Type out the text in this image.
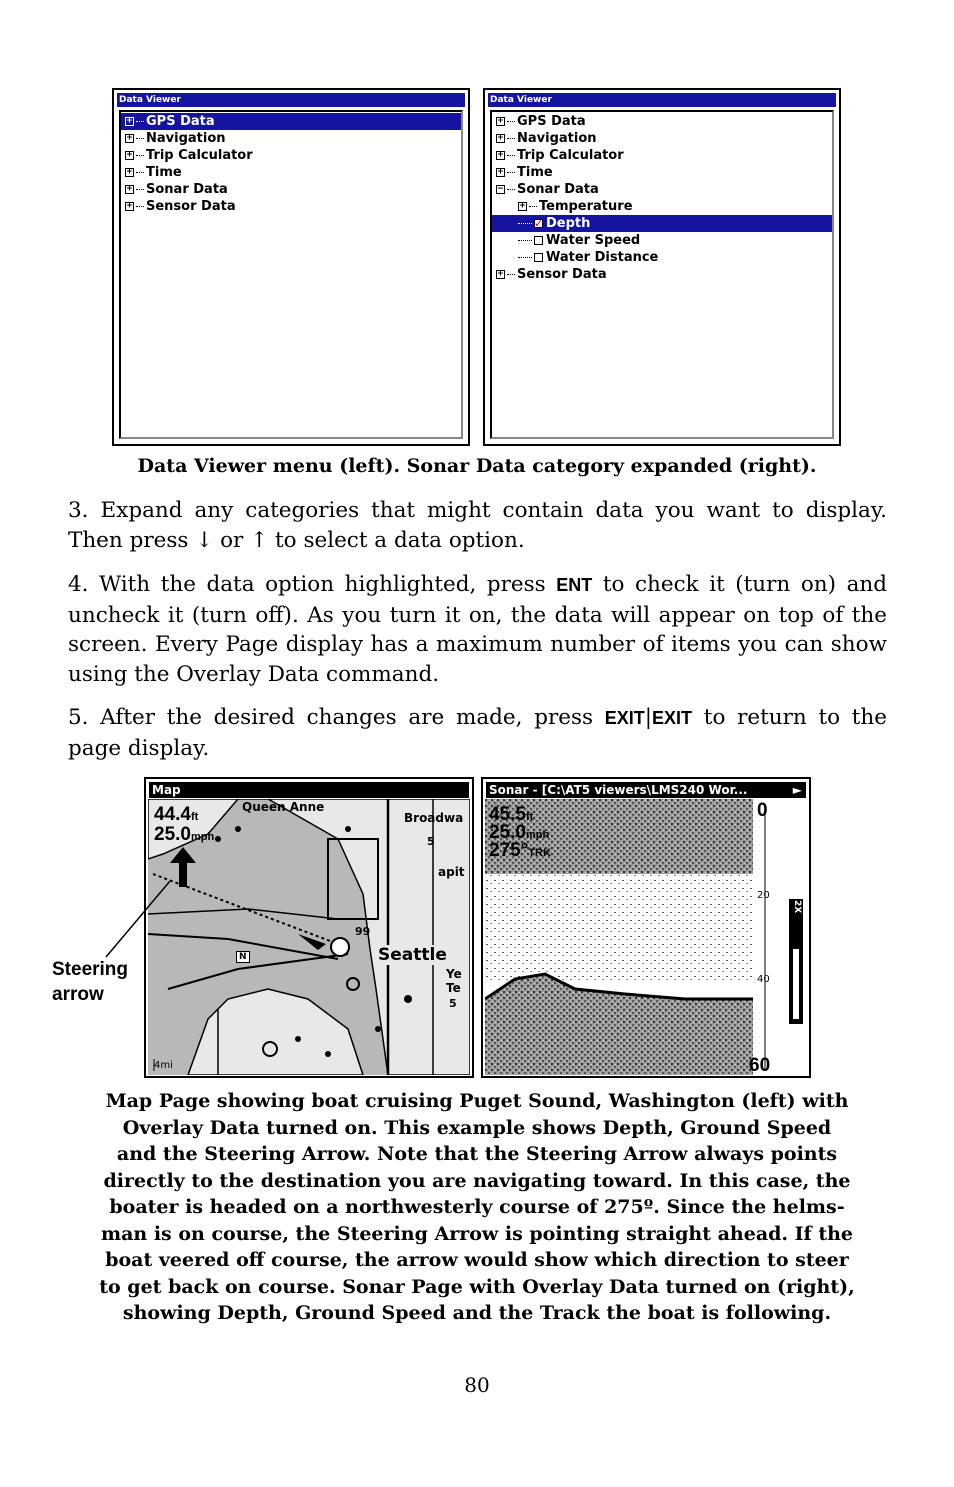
Data Viewer
+ GPS Data
+ Navigation
+ Trip Calculator
+ Time
+ Sonar Data
+ Sensor Data
Data Viewer
+ GPS Data
+ Navigation
+ Trip Calculator
+ Time
− Sonar Data
+ Temperature
✓Depth
Water Speed
Water Distance
+ Sensor Data
Data Viewer menu (left). Sonar Data category expanded (right).
3. Expand any categories that might contain data you want to display. Then press ↓ or ↑ to select a data option.
4. With the data option highlighted, press ENT to check it (turn on) and uncheck it (turn off). As you turn it on, the data will appear on top of the screen. Every Page display has a maximum number of items you can show using the Overlay Data command.
5. After the desired changes are made, press EXIT|EXIT to return to the page display.
Map
44.4ft
25.0mph
Queen Anne
Broadwa
apit
Seattle
Ye
Te
5
99
5
N
4mi
Sonar - [C:\AT5 viewers\LMS240 Wor...	►
45.5ft
25.0mph
275°TRK
0
20
40
60
2X
Steering
arrow
Map Page showing boat cruising Puget Sound, Washington (left) with
Overlay Data turned on. This example shows Depth, Ground Speed
and the Steering Arrow. Note that the Steering Arrow always points
directly to the destination you are navigating toward. In this case, the
boater is headed on a northwesterly course of 275º. Since the helms-
man is on course, the Steering Arrow is pointing straight ahead. If the
boat veered off course, the arrow would show which direction to steer
to get back on course. Sonar Page with Overlay Data turned on (right),
showing Depth, Ground Speed and the Track the boat is following.
80
